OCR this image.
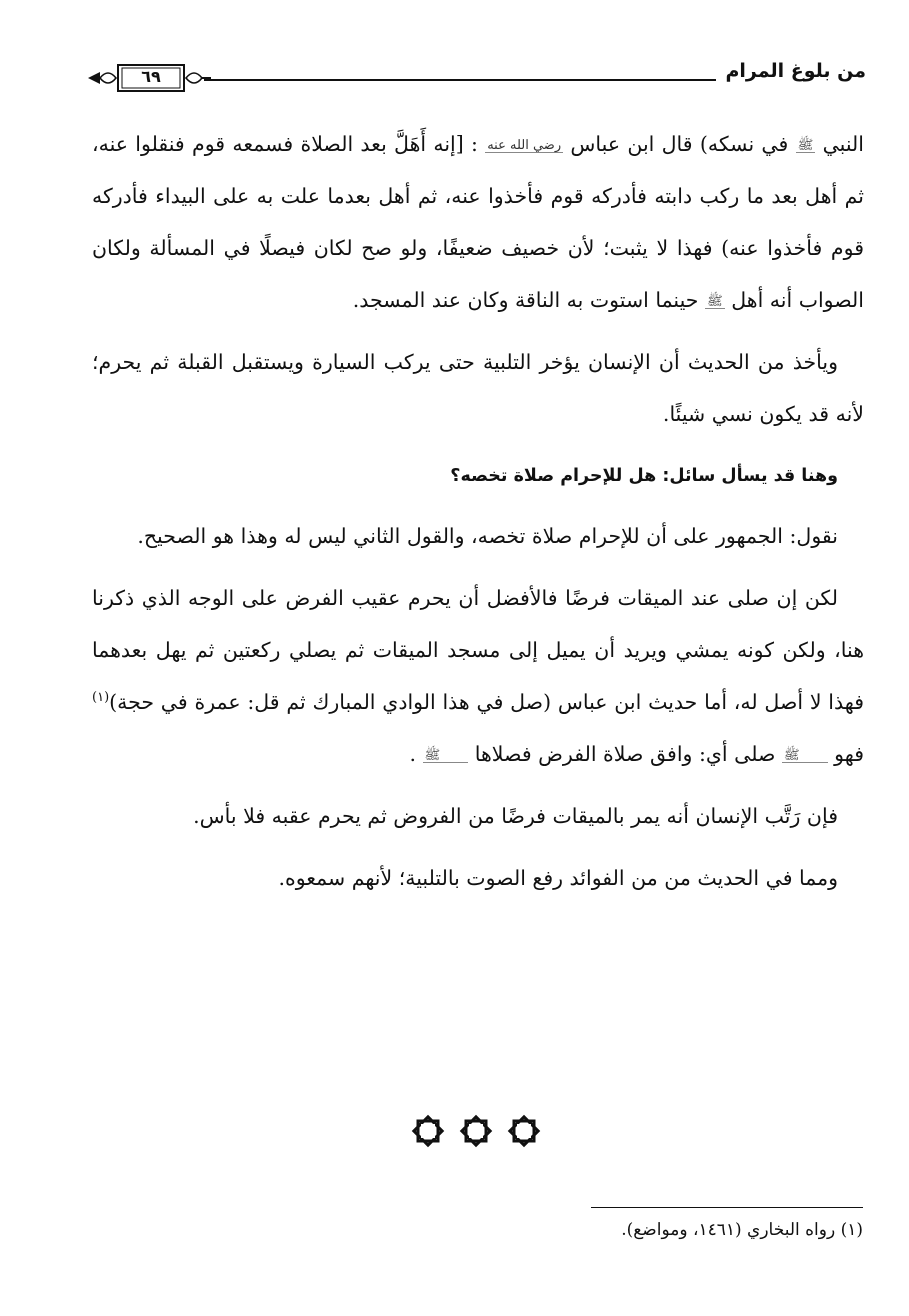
٦٩	من بلوغ المرام

النبي ﷺ في نسكه) قال ابن عباس رضي الله عنه : [إنه أَهَلَّ بعد الصلاة فسمعه قوم فنقلوا عنه، ثم أهل بعد ما ركب دابته فأدركه قوم فأخذوا عنه، ثم أهل بعدما علت به على البيداء فأدركه قوم فأخذوا عنه) فهذا لا يثبت؛ لأن خصيف ضعيفًا، ولو صح لكان فيصلًا في المسألة ولكان الصواب أنه أهل ﷺ حينما استوت به الناقة وكان عند المسجد.

ويأخذ من الحديث أن الإنسان يؤخر التلبية حتى يركب السيارة ويستقبل القبلة ثم يحرم؛ لأنه قد يكون نسي شيئًا.

وهنا قد يسأل سائل: هل للإحرام صلاة تخصه؟

نقول: الجمهور على أن للإحرام صلاة تخصه، والقول الثاني ليس له وهذا هو الصحيح.

لكن إن صلى عند الميقات فرضًا فالأفضل أن يحرم عقيب الفرض على الوجه الذي ذكرنا هنا، ولكن كونه يمشي ويريد أن يميل إلى مسجد الميقات ثم يصلي ركعتين ثم يهل بعدهما فهذا لا أصل له، أما حديث ابن عباس (صل في هذا الوادي المبارك ثم قل: عمرة في حجة)$^{(١)}$ فهو ﷺ صلى أي: وافق صلاة الفرض فصلاها ﷺ .

فإن رَتَّب الإنسان أنه يمر بالميقات فرضًا من الفروض ثم يحرم عقبه فلا بأس.

ومما في الحديث من من الفوائد رفع الصوت بالتلبية؛ لأنهم سمعوه.

(١) رواه البخاري (١٤٦١، ومواضع).
